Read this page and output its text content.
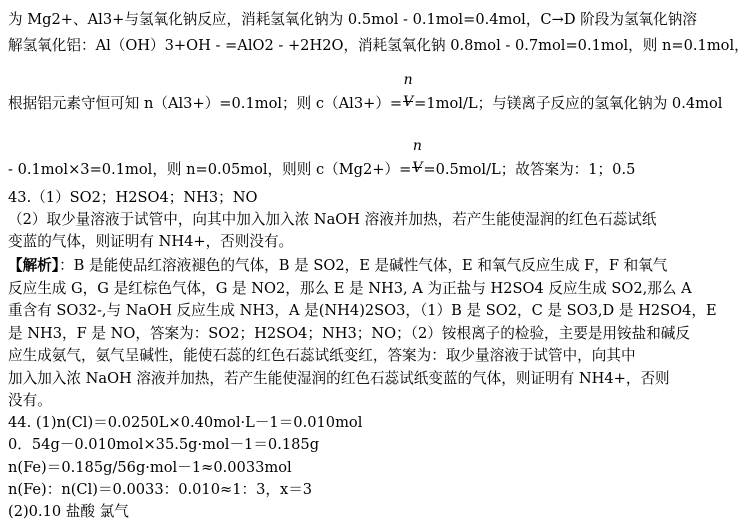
为 Mg2+、Al3+与氢氧化钠反应，消耗氢氧化钠为 0.5mol - 0.1mol=0.4mol，C→D 阶段为氢氧化钠溶
解氢氧化铝：Al（OH）3+OH - =AlO2 - +2H2O，消耗氢氧化钠 0.8mol - 0.7mol=0.1mol，则 n=0.1mol，
根据铝元素守恒可知 n（Al3+）=0.1mol；则 $c(Al3+)= \frac{n}{V}=1mol/L$；与镁离子反应的氢氧化钠为 0.4mol
- 0.1mol×3=0.1mol，则 n=0.05mol，则则 $c(Mg2+)= \frac{n}{V}=0.5mol/L$；故答案为：1；0.5
43.（1）SO2；H2SO4；NH3；NO
（2）取少量溶液于试管中，向其中加入加入浓 NaOH 溶液并加热，若产生能使湿润的红色石蕊试纸
变蓝的气体，则证明有 NH4+，否则没有。
【解析】：B 是能使品红溶液褪色的气体，B 是 SO2，E 是碱性气体，E 和氧气反应生成 F，F 和氧气
反应生成 G，G 是红棕色气体，G 是 NO2，那么 E 是 NH3, A 为正盐与 H2SO4 反应生成 SO2,那么 A
重含有 SO32-,与 NaOH 反应生成 NH3，A 是(NH4)2SO3，（1）B 是 SO2，C 是 SO3,D 是 H2SO4，E
是 NH3，F 是 NO，答案为：SO2；H2SO4；NH3；NO；（2）铵根离子的检验，主要是用铵盐和碱反
应生成氨气，氨气呈碱性，能使石蕊的红色石蕊试纸变红，答案为：取少量溶液于试管中，向其中
加入加入浓 NaOH 溶液并加热，若产生能使湿润的红色石蕊试纸变蓝的气体，则证明有 NH4+，否则
没有。
44. (1)n(Cl)＝0.0250L×0.40mol·L－1＝0.010mol
0．54g－0.010mol×35.5g·mol－1＝0.185g
n(Fe)＝0.185g/56g·mol－1≈0.0033mol
n(Fe)：n(Cl)＝0.0033：0.010≈1：3，x＝3
(2)0.10 盐酸 氯气
